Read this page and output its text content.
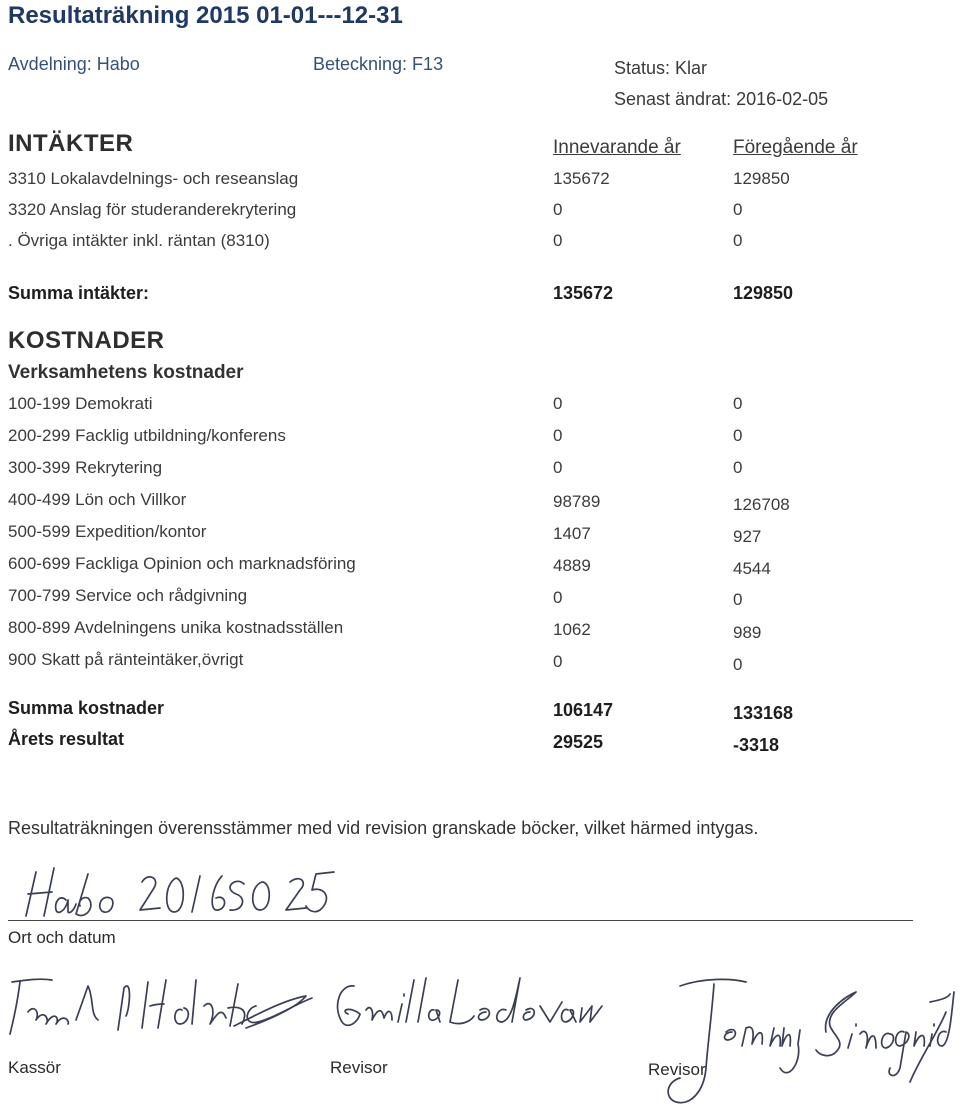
Resultaträkning 2015 01-01---12-31
Avdelning: Habo	Beteckning: F13	Status: Klar
Senast ändrat: 2016-02-05
INTÄKTER	Innevarande år	Föregående år
3310 Lokalavdelnings- och reseanslag	135672	129850
3320 Anslag för studeranderekrytering	0	0
. Övriga intäkter inkl. räntan (8310)	0	0
Summa intäkter:	135672	129850
KOSTNADER
Verksamhetens kostnader
100-199 Demokrati	0	0
200-299 Facklig utbildning/konferens	0	0
300-399 Rekrytering	0	0
400-499 Lön och Villkor	98789	126708
500-599 Expedition/kontor	1407	927
600-699 Fackliga Opinion och marknadsföring	4889	4544
700-799 Service och rådgivning	0	0
800-899 Avdelningens unika kostnadsställen	1062	989
900 Skatt på ränteintäker,övrigt	0	0
Summa kostnader	106147	133168
Årets resultat	29525	-3318
Resultaträkningen överensstämmer med vid revision granskade böcker, vilket härmed intygas.
Ort och datum
Kassör	Revisor	Revisor
